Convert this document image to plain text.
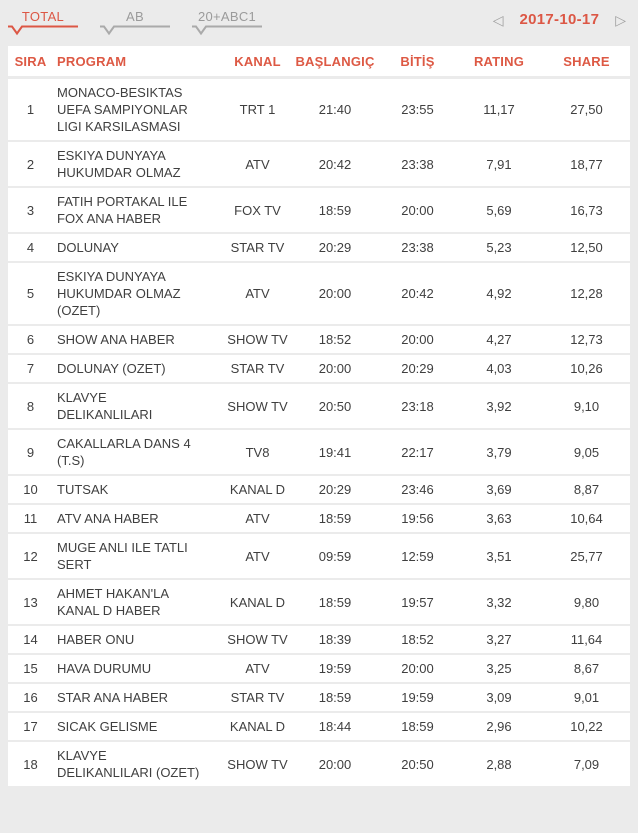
TOTAL	AB	20+ABC1	◁ 2017-10-17 ▷
SIRA	PROGRAM	KANAL	BAŞLANGIÇ	BİTİŞ	RATING	SHARE
1	MONACO-BESIKTAS UEFA SAMPIYONLAR LIGI KARSILASMASI	TRT 1	21:40	23:55	11,17	27,50
2	ESKIYA DUNYAYA HUKUMDAR OLMAZ	ATV	20:42	23:38	7,91	18,77
3	FATIH PORTAKAL ILE FOX ANA HABER	FOX TV	18:59	20:00	5,69	16,73
4	DOLUNAY	STAR TV	20:29	23:38	5,23	12,50
5	ESKIYA DUNYAYA HUKUMDAR OLMAZ (OZET)	ATV	20:00	20:42	4,92	12,28
6	SHOW ANA HABER	SHOW TV	18:52	20:00	4,27	12,73
7	DOLUNAY (OZET)	STAR TV	20:00	20:29	4,03	10,26
8	KLAVYE DELIKANLILARI	SHOW TV	20:50	23:18	3,92	9,10
9	CAKALLARLA DANS 4 (T.S)	TV8	19:41	22:17	3,79	9,05
10	TUTSAK	KANAL D	20:29	23:46	3,69	8,87
11	ATV ANA HABER	ATV	18:59	19:56	3,63	10,64
12	MUGE ANLI ILE TATLI SERT	ATV	09:59	12:59	3,51	25,77
13	AHMET HAKAN'LA KANAL D HABER	KANAL D	18:59	19:57	3,32	9,80
14	HABER ONU	SHOW TV	18:39	18:52	3,27	11,64
15	HAVA DURUMU	ATV	19:59	20:00	3,25	8,67
16	STAR ANA HABER	STAR TV	18:59	19:59	3,09	9,01
17	SICAK GELISME	KANAL D	18:44	18:59	2,96	10,22
18	KLAVYE DELIKANLILARI (OZET)	SHOW TV	20:00	20:50	2,88	7,09
